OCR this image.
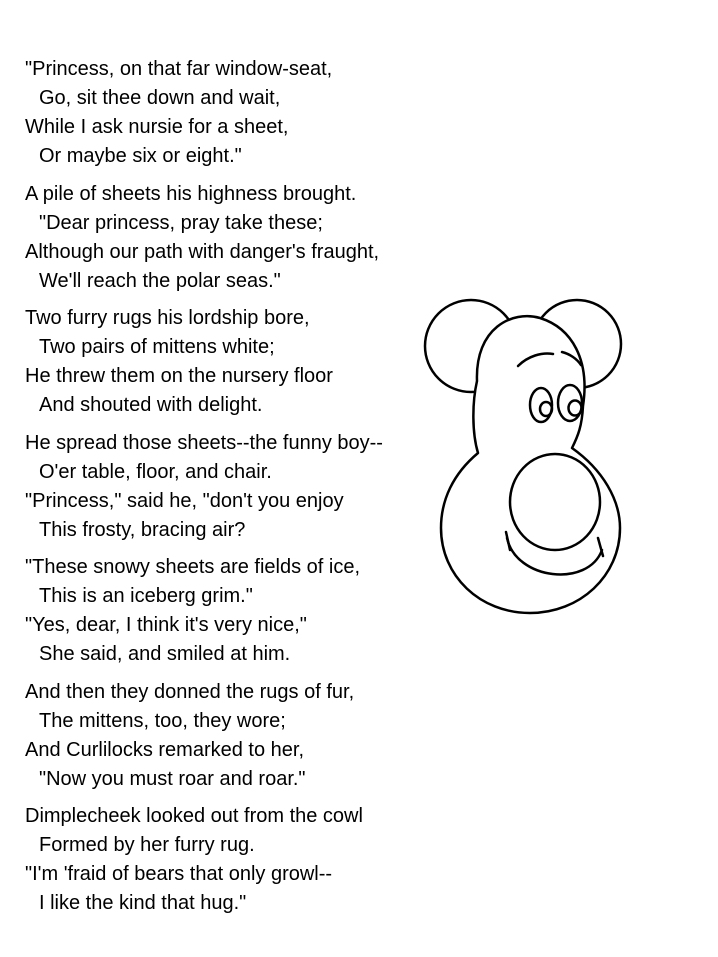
"Princess, on that far window-seat,
Go, sit thee down and wait,
While I ask nursie for a sheet,
Or maybe six or eight."
A pile of sheets his highness brought.
"Dear princess, pray take these;
Although our path with danger's fraught,
We'll reach the polar seas."
Two furry rugs his lordship bore,
Two pairs of mittens white;
He threw them on the nursery floor
And shouted with delight.
He spread those sheets--the funny boy--
O'er table, floor, and chair.
"Princess," said he, "don't you enjoy
This frosty, bracing air?
"These snowy sheets are fields of ice,
This is an iceberg grim."
"Yes, dear, I think it's very nice,"
She said, and smiled at him.
And then they donned the rugs of fur,
The mittens, too, they wore;
And Curlilocks remarked to her,
"Now you must roar and roar."
Dimplecheek looked out from the cowl
Formed by her furry rug.
"I'm 'fraid of bears that only growl--
I like the kind that hug."
